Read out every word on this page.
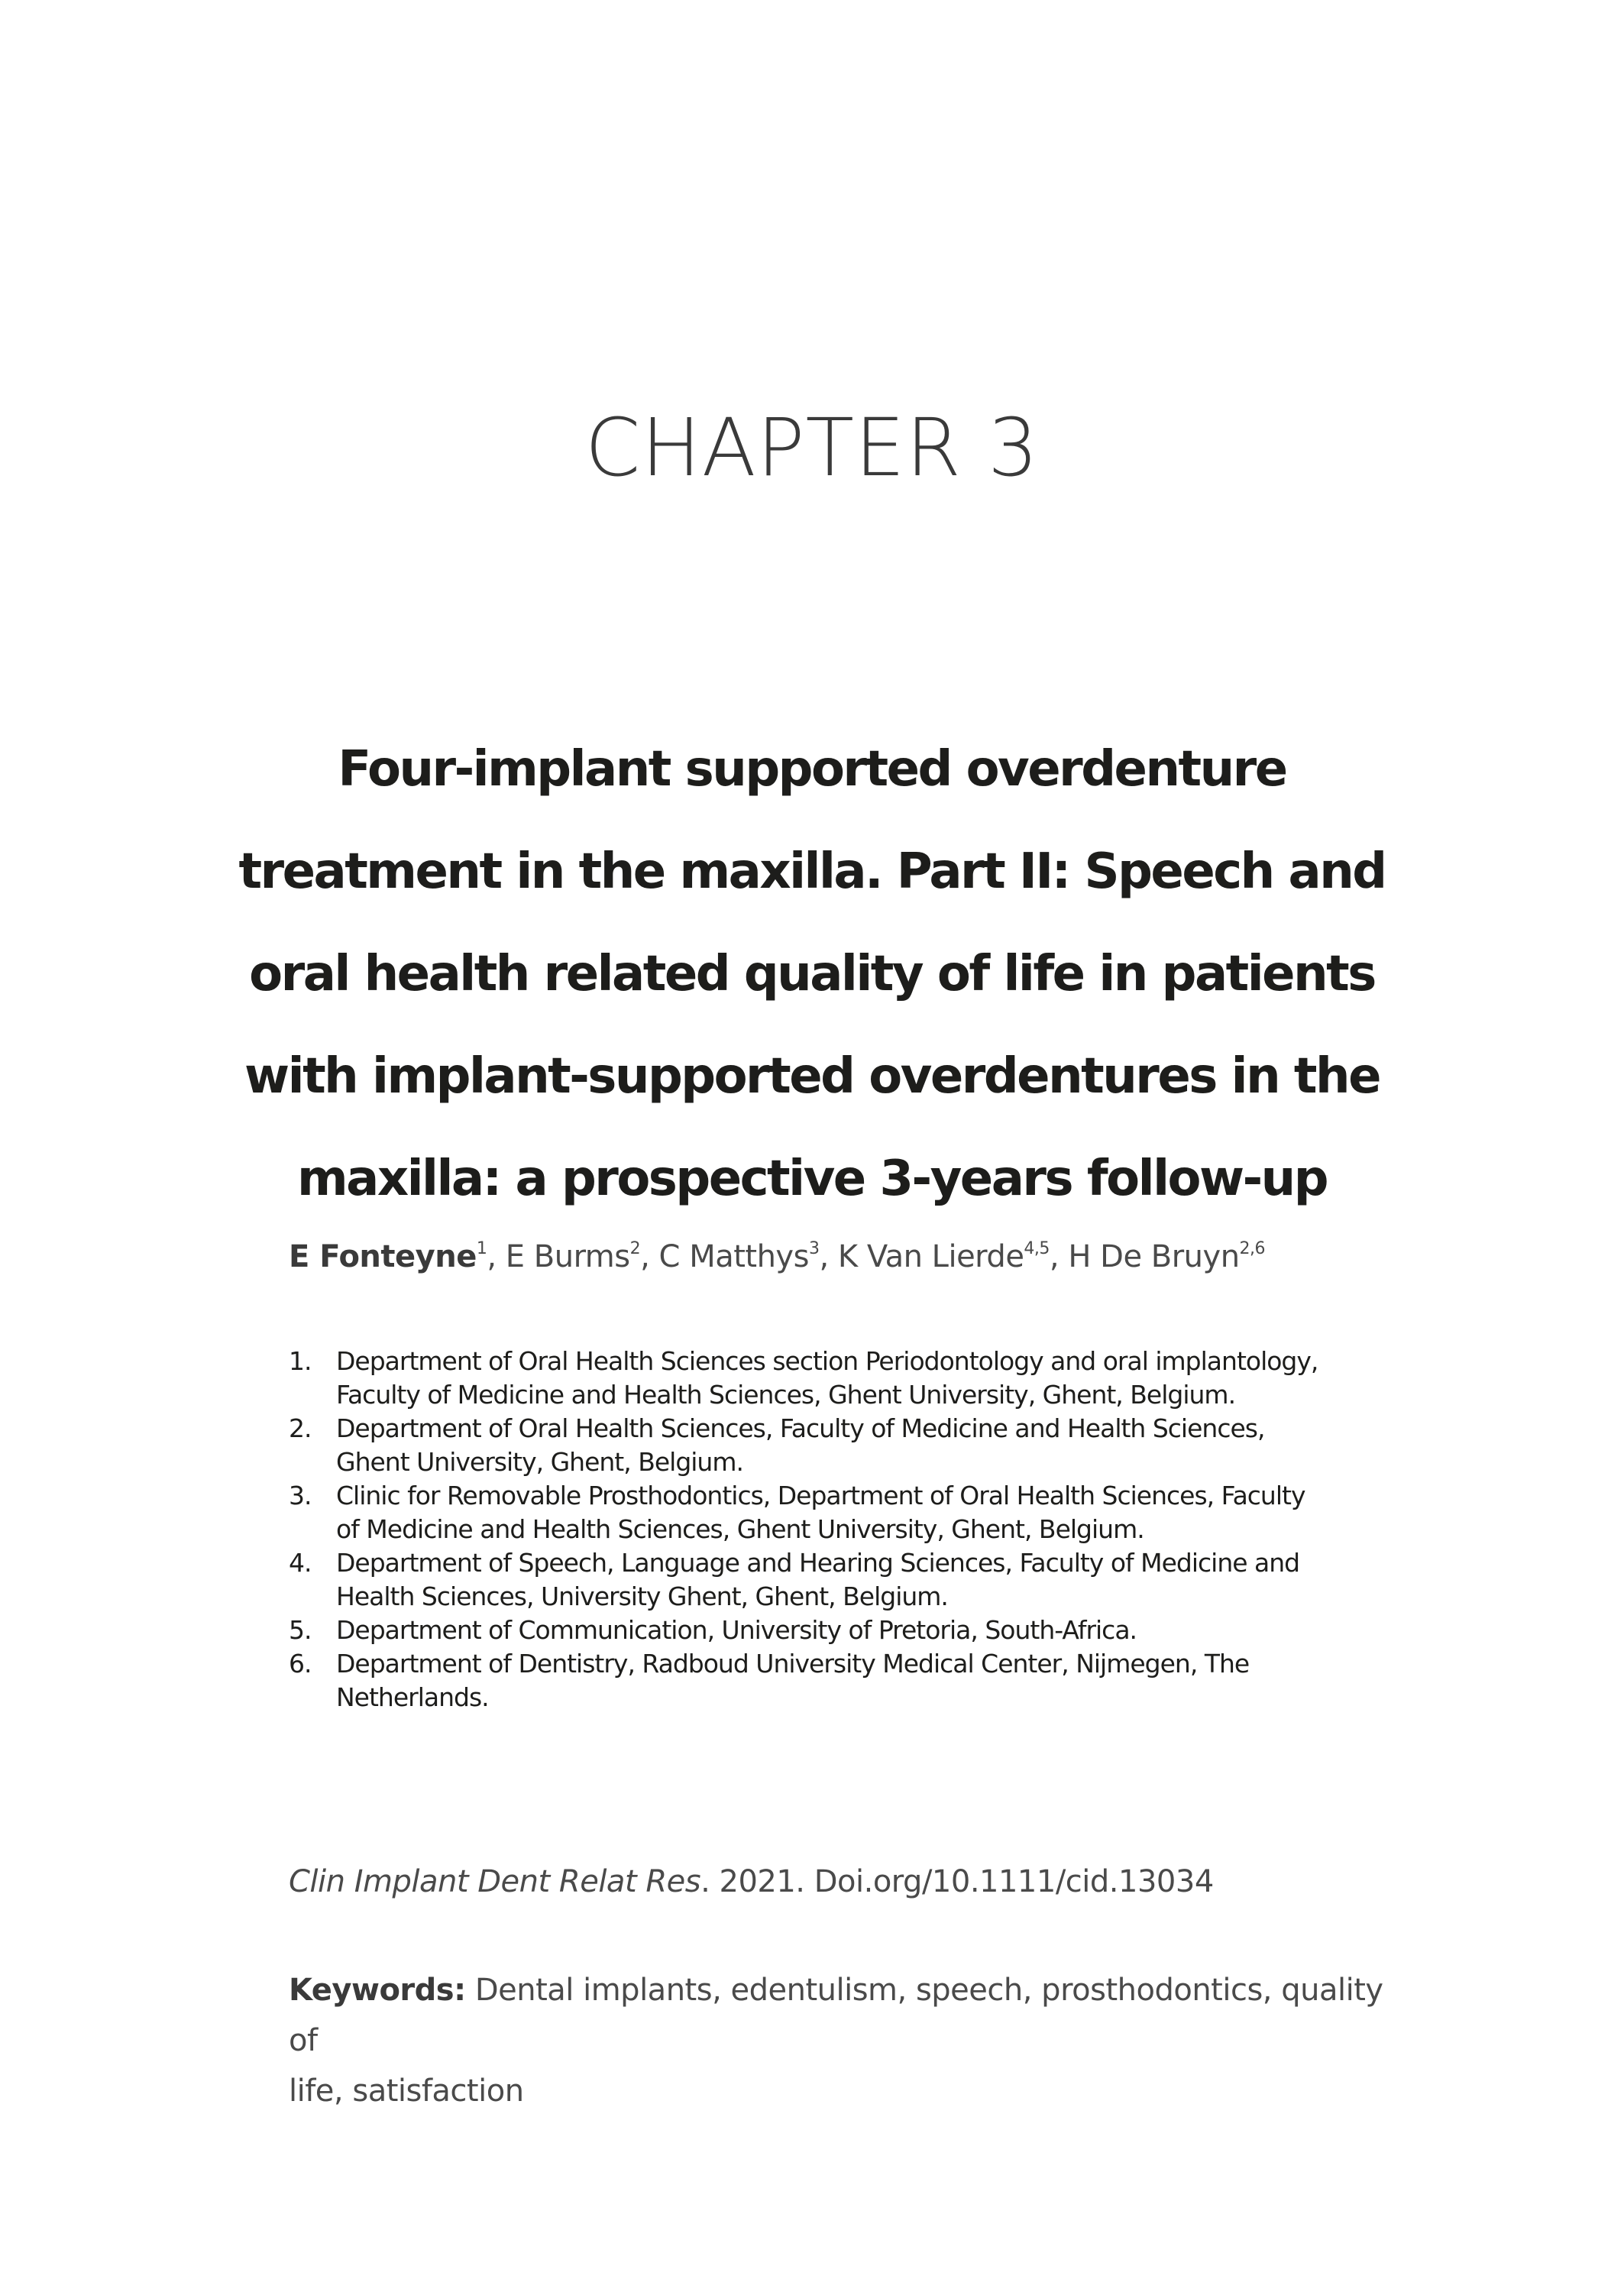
CHAPTER 3
Four-implant supported overdenture
treatment in the maxilla. Part II: Speech and
oral health related quality of life in patients
with implant-supported overdentures in the
maxilla: a prospective 3-years follow-up

E Fonteyne$^1$, E Burms$^2$, C Matthys$^3$, K Van Lierde$^{4,5}$, H De Bruyn$^{2,6}$

1. Department of Oral Health Sciences section Periodontology and oral implantology,
Faculty of Medicine and Health Sciences, Ghent University, Ghent, Belgium.
2. Department of Oral Health Sciences, Faculty of Medicine and Health Sciences,
Ghent University, Ghent, Belgium.
3. Clinic for Removable Prosthodontics, Department of Oral Health Sciences, Faculty
of Medicine and Health Sciences, Ghent University, Ghent, Belgium.
4. Department of Speech, Language and Hearing Sciences, Faculty of Medicine and
Health Sciences, University Ghent, Ghent, Belgium.
5. Department of Communication, University of Pretoria, South-Africa.
6. Department of Dentistry, Radboud University Medical Center, Nijmegen, The
Netherlands.

Clin Implant Dent Relat Res. 2021. Doi.org/10.1111/cid.13034

Keywords: Dental implants, edentulism, speech, prosthodontics, quality of
life, satisfaction
